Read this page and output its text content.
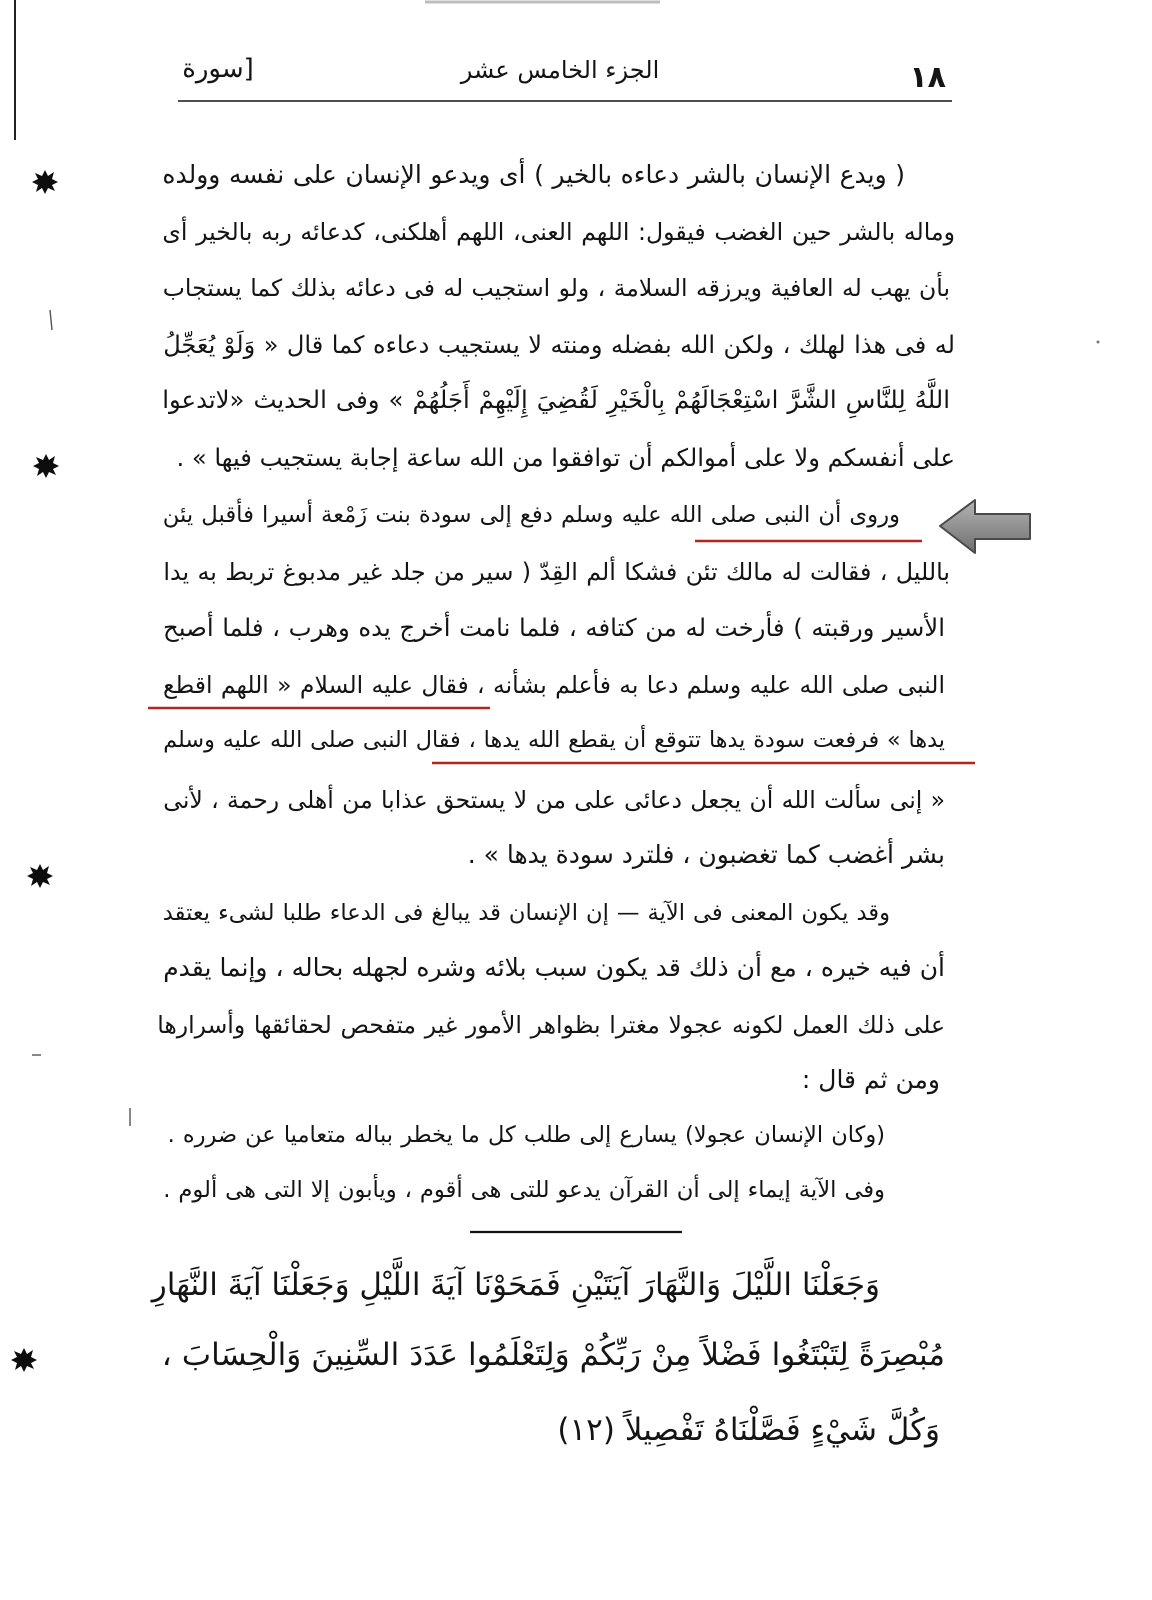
١٨
الجزء الخامس عشر
[سورة
( ويدع الإنسان بالشر دعاءه بالخير ) أى ويدعو الإنسان على نفسه وولده
وماله بالشر حين الغضب فيقول: اللهم العنى، اللهم أهلكنى، كدعائه ربه بالخير أى
بأن يهب له العافية ويرزقه السلامة ، ولو استجيب له فى دعائه بذلك كما يستجاب
له فى هذا لهلك ، ولكن الله بفضله ومنته لا يستجيب دعاءه كما قال « وَلَوْ يُعَجِّلُ
اللَّهُ لِلنَّاسِ الشَّرَّ اسْتِعْجَالَهُمْ بِالْخَيْرِ لَقُضِيَ إِلَيْهِمْ أَجَلُهُمْ » وفى الحديث «لاتدعوا
على أنفسكم ولا على أموالكم أن توافقوا من الله ساعة إجابة يستجيب فيها » .
وروى أن النبى صلى الله عليه وسلم دفع إلى سودة بنت زَمْعة أسيرا فأقبل يئن
بالليل ، فقالت له مالك تئن فشكا ألم القِدّ ( سير من جلد غير مدبوغ تربط به يدا
الأسير ورقبته ) فأرخت له من كتافه ، فلما نامت أخرج يده وهرب ، فلما أصبح
النبى صلى الله عليه وسلم دعا به فأعلم بشأنه ، فقال عليه السلام « اللهم اقطع
يدها » فرفعت سودة يدها تتوقع أن يقطع الله يدها ، فقال النبى صلى الله عليه وسلم
« إنى سألت الله أن يجعل دعائى على من لا يستحق عذابا من أهلى رحمة ، لأنى
بشر أغضب كما تغضبون ، فلترد سودة يدها » .
وقد يكون المعنى فى الآية — إن الإنسان قد يبالغ فى الدعاء طلبا لشىء يعتقد
أن فيه خيره ، مع أن ذلك قد يكون سبب بلائه وشره لجهله بحاله ، وإنما يقدم
على ذلك العمل لكونه عجولا مغترا بظواهر الأمور غير متفحص لحقائقها وأسرارها
ومن ثم قال :
(وكان الإنسان عجولا) يسارع إلى طلب كل ما يخطر بباله متعاميا عن ضرره .
وفى الآية إيماء إلى أن القرآن يدعو للتى هى أقوم ، ويأبون إلا التى هى ألوم .
وَجَعَلْنَا اللَّيْلَ وَالنَّهَارَ آيَتَيْنِ فَمَحَوْنَا آيَةَ اللَّيْلِ وَجَعَلْنَا آيَةَ النَّهَارِ
مُبْصِرَةً لِتَبْتَغُوا فَضْلاً مِنْ رَبِّكُمْ وَلِتَعْلَمُوا عَدَدَ السِّنِينَ وَالْحِسَابَ ،
وَكُلَّ شَيْءٍ فَصَّلْنَاهُ تَفْصِيلاً (١٢)
